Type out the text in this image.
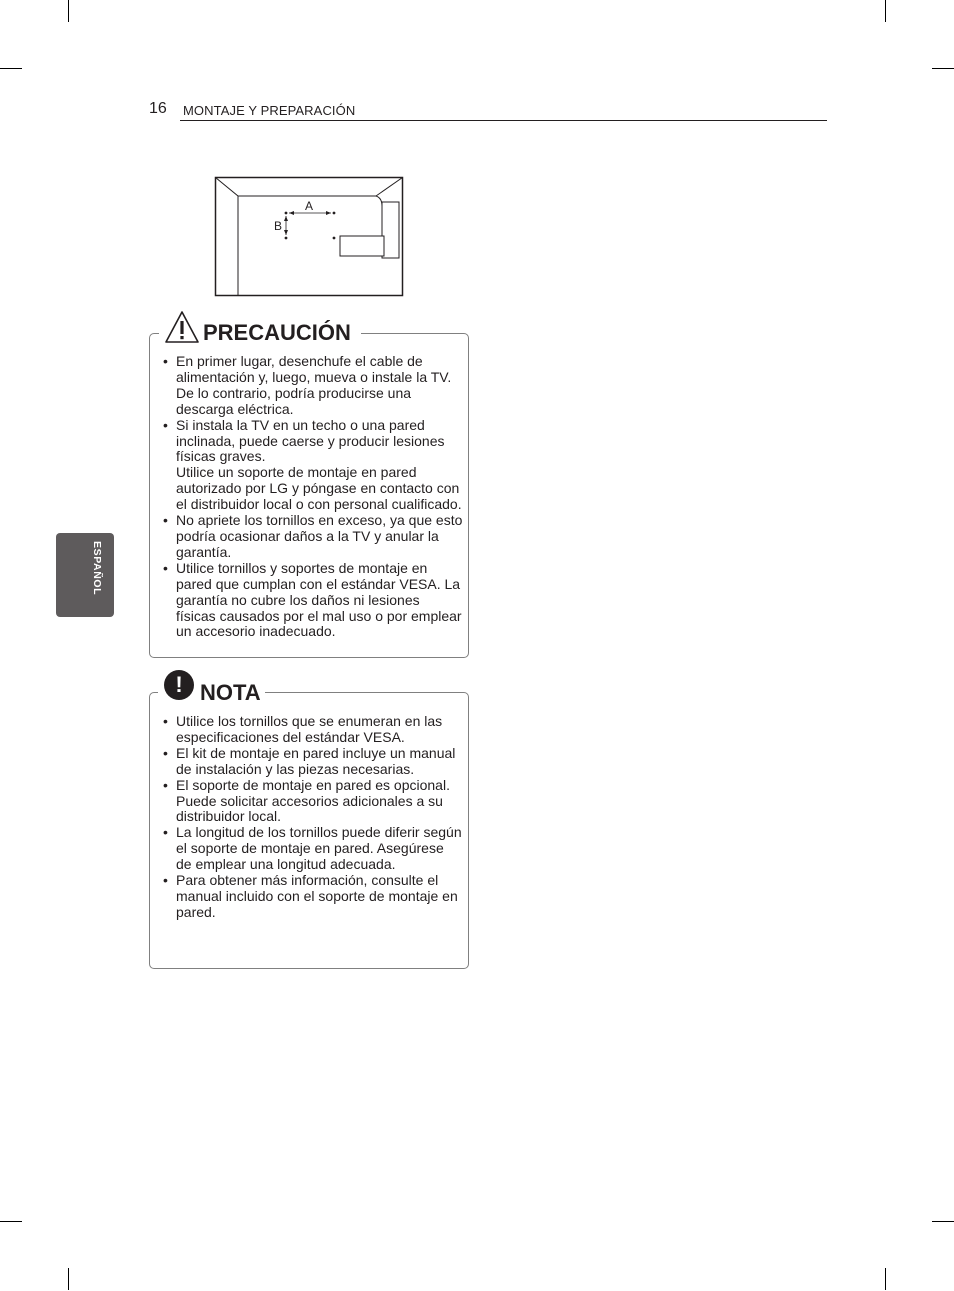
16 MONTAJE Y PREPARACIÓN
ESPAÑOL
A
B
PRECAUCIÓN
• En primer lugar, desenchufe el cable de alimentación y, luego, mueva o instale la TV. De lo contrario, podría producirse una descarga eléctrica.
• Si instala la TV en un techo o una pared inclinada, puede caerse y producir lesiones físicas graves.
Utilice un soporte de montaje en pared autorizado por LG y póngase en contacto con el distribuidor local o con personal cualificado.
• No apriete los tornillos en exceso, ya que esto podría ocasionar daños a la TV y anular la garantía.
• Utilice tornillos y soportes de montaje en pared que cumplan con el estándar VESA. La garantía no cubre los daños ni lesiones físicas causados por el mal uso o por emplear un accesorio inadecuado.
! NOTA
• Utilice los tornillos que se enumeran en las especificaciones del estándar VESA.
• El kit de montaje en pared incluye un manual de instalación y las piezas necesarias.
• El soporte de montaje en pared es opcional. Puede solicitar accesorios adicionales a su distribuidor local.
• La longitud de los tornillos puede diferir según el soporte de montaje en pared. Asegúrese de emplear una longitud adecuada.
• Para obtener más información, consulte el manual incluido con el soporte de montaje en pared.
